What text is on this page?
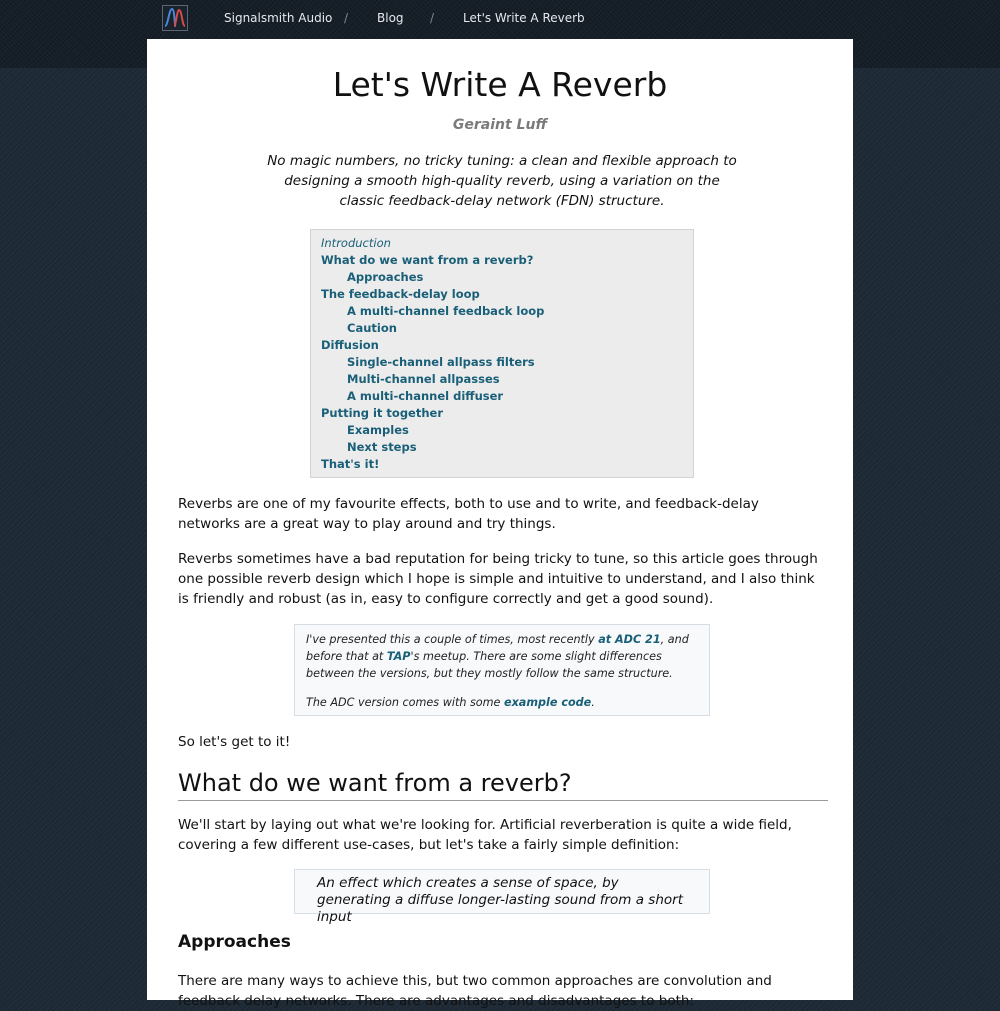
Signalsmith Audio / Blog / Let's Write A Reverb
Let's Write A Reverb
Geraint Luff

No magic numbers, no tricky tuning: a clean and flexible approach to designing a smooth high-quality reverb, using a variation on the classic feedback-delay network (FDN) structure.

Introduction
What do we want from a reverb?
Approaches
The feedback-delay loop
A multi-channel feedback loop
Caution
Diffusion
Single-channel allpass filters
Multi-channel allpasses
A multi-channel diffuser
Putting it together
Examples
Next steps
That's it!

Reverbs are one of my favourite effects, both to use and to write, and feedback-delay networks are a great way to play around and try things.

Reverbs sometimes have a bad reputation for being tricky to tune, so this article goes through one possible reverb design which I hope is simple and intuitive to understand, and I also think is friendly and robust (as in, easy to configure correctly and get a good sound).

I've presented this a couple of times, most recently at ADC 21, and before that at TAP's meetup. There are some slight differences between the versions, but they mostly follow the same structure.

The ADC version comes with some example code.

So let's get to it!

What do we want from a reverb?

We'll start by laying out what we're looking for. Artificial reverberation is quite a wide field, covering a few different use-cases, but let's take a fairly simple definition:

An effect which creates a sense of space, by generating a diffuse longer-lasting sound from a short input
Approaches

There are many ways to achieve this, but two common approaches are convolution and feedback delay networks. There are advantages and disadvantages to both:
